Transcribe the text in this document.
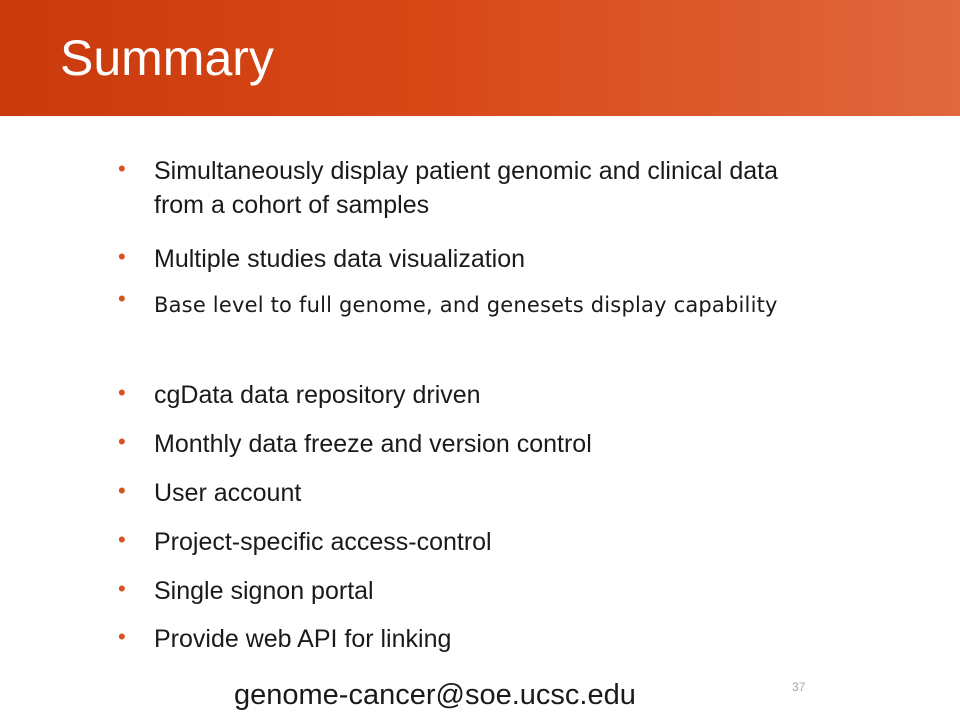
Summary
• Simultaneously display patient genomic and clinical data from a cohort of samples
• Multiple studies data visualization
• Base level to full genome, and genesets display capability
• cgData data repository driven
• Monthly data freeze and version control
• User account
• Project-specific access-control
• Single signon portal
• Provide web API for linking
genome-cancer@soe.ucsc.edu	37
